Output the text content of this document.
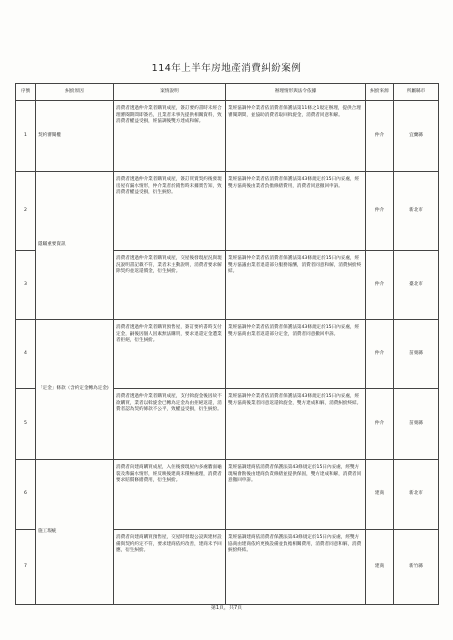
114年上半年房地產消費糾紛案例
序號	糾紛原因	案情說明	辦理情形與法令依據	糾紛來源	所屬縣市
1	契約審閱權	消費者透過仲介業者購買成屋，簽訂要約書時未經合理審閱期間即簽名，且業者未事先提供相關資料，致消費者權益受損，經協調後雙方達成和解。	業經協調仲介業者依消費者保護法第11條之1規定辦理，提供合理審閱期間，並協助消費者取回斡旋金，消費者同意和解。	仲介	宜蘭縣
2	隱瞞重要資訊	消費者透過仲介業者購買成屋，簽訂買賣契約後發現房屋有漏水情形，仲介業者於銷售時未據實告知，致消費者權益受損，衍生糾紛。	業經協調仲介業者依消費者保護法第43條規定於15日內妥處，經雙方協商後由業者負擔修繕費用，消費者同意撤回申訴。	仲介	新北市
3		消費者透過仲介業者購買成屋，交屋後發現屋況與現況說明書記載不符，業者未主動說明，消費者要求解除契約並返還價金，衍生糾紛。	業經協調仲介業者依消費者保護法第43條規定於15日內妥處，經雙方協議由業者退還部分服務報酬，消費者同意和解，消費糾紛終結。	仲介	臺北市
4	「定金」條款（含約定金轉為定金)	消費者透過仲介業者購買預售屋，簽訂要約書時支付定金，嗣後因個人因素無法購買，要求退還定金遭業者拒絕，衍生糾紛。	業經協調仲介業者依消費者保護法第43條規定於15日內妥處，經雙方協商由業者返還部分定金，消費者同意撤回申訴。	仲介	苗栗縣
5		消費者透過仲介業者購買成屋，支付斡旋金後因故不欲購買，業者以斡旋金已轉為定金為由拒絕返還，消費者認為契約條款不公平，致權益受損，衍生糾紛。	業經協調仲介業者依消費者保護法第43條規定於15日內妥處，經雙方協商後業者同意返還斡旋金，雙方達成和解，消費糾紛終結。	仲介	苗栗縣
6	施工瑕疵	消費者向建商購買成屋，入住後發現屋內多處牆面龜裂及滲漏水情形，經反映後建商未積極處理，消費者要求賠償修繕費用，衍生糾紛。	業經協調建商依消費者保護法第43條規定於15日內妥處，經雙方現場會勘後由建商負責修繕並提供保固，雙方達成和解，消費者同意撤回申訴。	建商	新北市
7		消費者向建商購買預售屋，交屋時發現公設與建材設備與契約約定不符，要求建商依約改善，建商未予回應，衍生糾紛。	業經協調建商依消費者保護法第43條規定於15日內妥處，經雙方協商由建商依約更換設備並負擔相關費用，消費者同意和解，消費糾紛終結。	建商	新竹縣
第1頁，共7頁
